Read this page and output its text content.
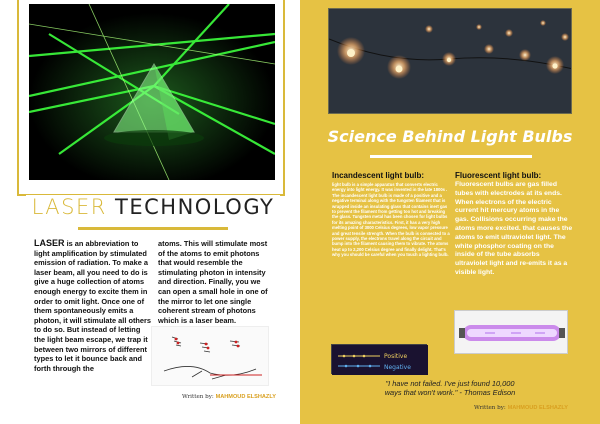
LASER TECHNOLOGY
LASER is an abbreviation to light amplification by stimulated emission of radiation. To make a laser beam, all you need to do is give a huge collection of atoms enough energy to excite them in order to omit light. Once one of them spontaneously emits a photon, it will stimulate all others to do so. But instead of letting the light beam escape, we trap it between two mirrors of different types to let it bounce back and forth through the
atoms. This will stimulate most of the atoms to emit photons that would resemble the stimulating photon in intensity and direction. Finally, you we can open a small hole in one of the mirror to let one single coherent stream of photons which is a laser beam.
Written by: MAHMOUD ELSHAZLY
Science Behind Light Bulbs
Incandescent light bulb:
light bulb is a simple apparatus that converts electric energy into light energy. It was invented in the late 1800s . The incandescent light bulb is made of a positive and a negative terminal along with the tungsten filament that is wrapped inside an insulating glass that contains inert gas to prevent the filament from getting too hot and breaking the glass. Tungsten metal has been chosen for light bulbs for its amazing characteristics. First, it has a very high melting point of 3000 Celsius degrees, low vapor pressure and great tensile strength. When the bulb is connected to a power supply, the electrons travel along the circuit and bump into the filament causing them to vibrate. The atoms heat up to 2,200 Celsius degree and finally delight. That's why you should be careful when you touch a lighting bulb.
Fluorescent light bulb:
Fluorescent bulbs are gas filled tubes with electrodes at its ends. When electrons of the electric current hit mercury atoms in the gas. Collisions occurring make the atoms more excited. that causes the atoms to emit ultraviolet light. The white phosphor coating on the inside of the tube absorbs ultraviolet light and re-emits it as a visible light.
Positive
Negative
"I have not failed. I've just found 10,000
ways that won't work." - Thomas Edison
Written by: MAHMOUD ELSHAZLY
